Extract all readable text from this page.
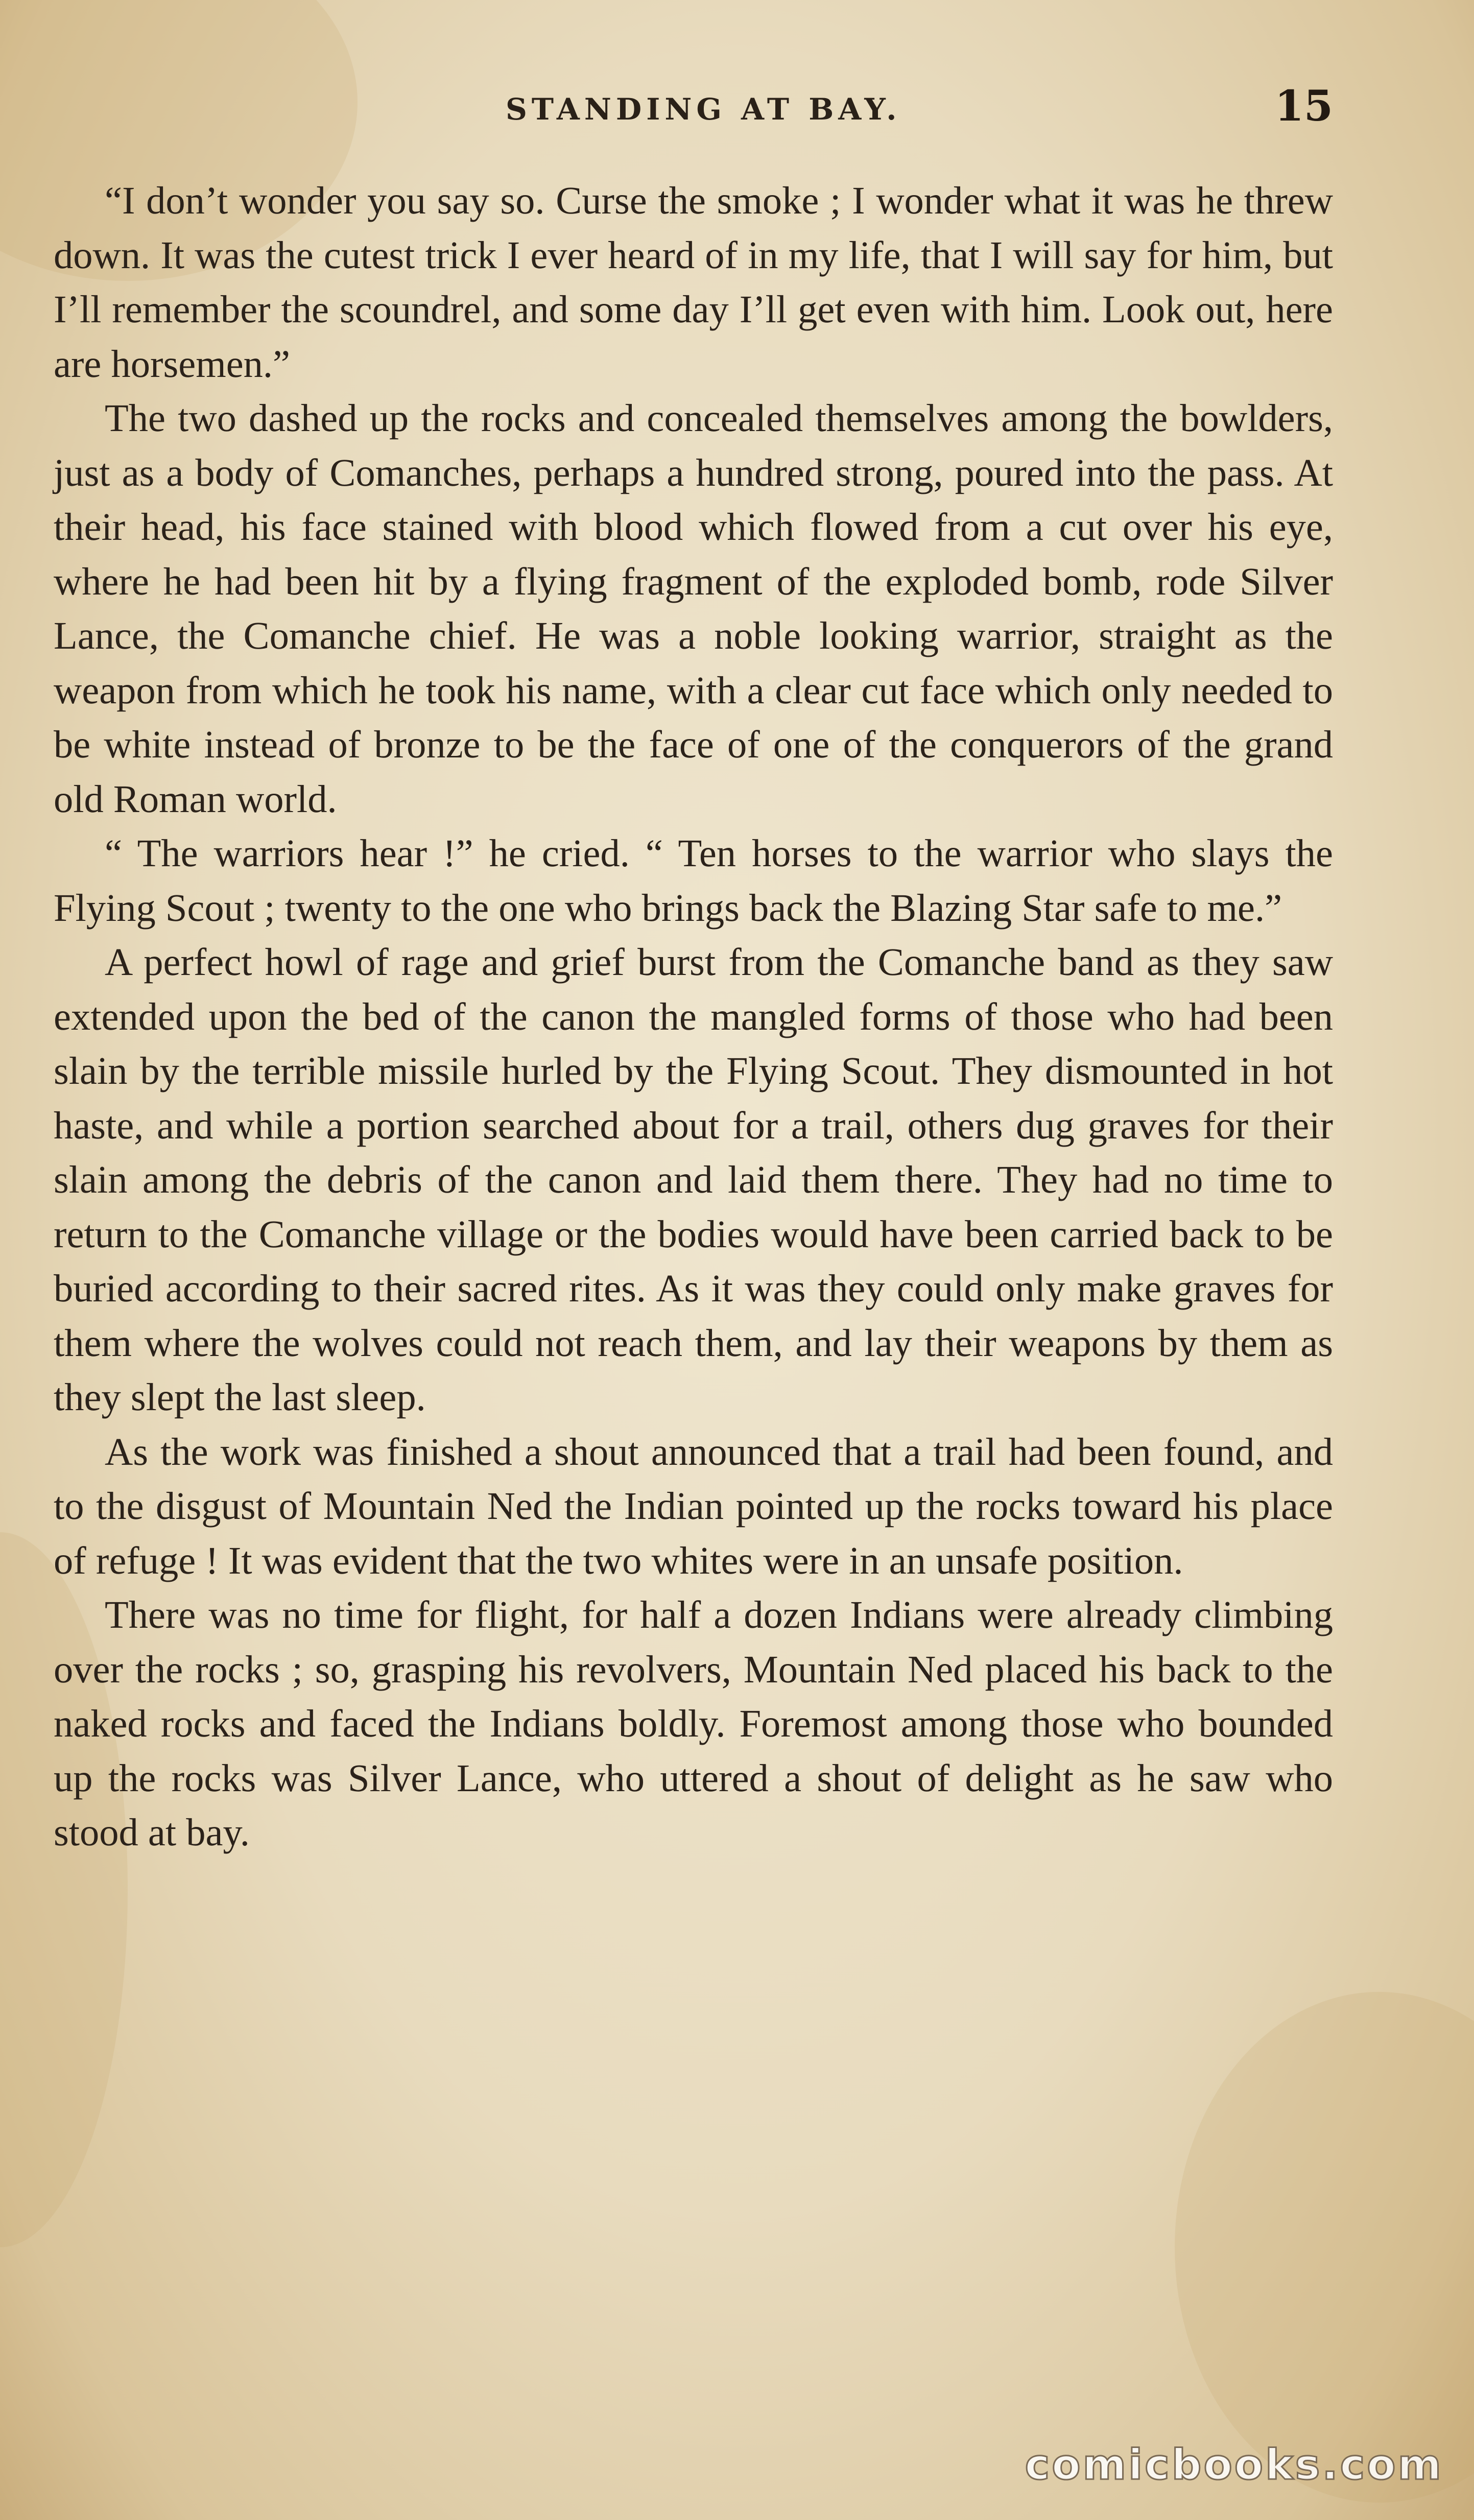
STANDING AT BAY.	15

“I don’t wonder you say so. Curse the smoke ; I wonder what it was he threw down. It was the cutest trick I ever heard of in my life, that I will say for him, but I’ll remember the scoundrel, and some day I’ll get even with him. Look out, here are horsemen.”

The two dashed up the rocks and concealed themselves among the bowlders, just as a body of Comanches, perhaps a hundred strong, poured into the pass. At their head, his face stained with blood which flowed from a cut over his eye, where he had been hit by a flying fragment of the exploded bomb, rode Silver Lance, the Comanche chief. He was a noble looking warrior, straight as the weapon from which he took his name, with a clear cut face which only needed to be white instead of bronze to be the face of one of the conquerors of the grand old Roman world.

“ The warriors hear !” he cried. “ Ten horses to the warrior who slays the Flying Scout ; twenty to the one who brings back the Blazing Star safe to me.”

A perfect howl of rage and grief burst from the Comanche band as they saw extended upon the bed of the canon the mangled forms of those who had been slain by the terrible missile hurled by the Flying Scout. They dismounted in hot haste, and while a portion searched about for a trail, others dug graves for their slain among the debris of the canon and laid them there. They had no time to return to the Comanche village or the bodies would have been carried back to be buried according to their sacred rites. As it was they could only make graves for them where the wolves could not reach them, and lay their weapons by them as they slept the last sleep.

As the work was finished a shout announced that a trail had been found, and to the disgust of Mountain Ned the Indian pointed up the rocks toward his place of refuge ! It was evident that the two whites were in an unsafe position.

There was no time for flight, for half a dozen Indians were already climbing over the rocks ; so, grasping his revolvers, Mountain Ned placed his back to the naked rocks and faced the Indians boldly. Foremost among those who bounded up the rocks was Silver Lance, who uttered a shout of delight as he saw who stood at bay.

comicbooks.com
